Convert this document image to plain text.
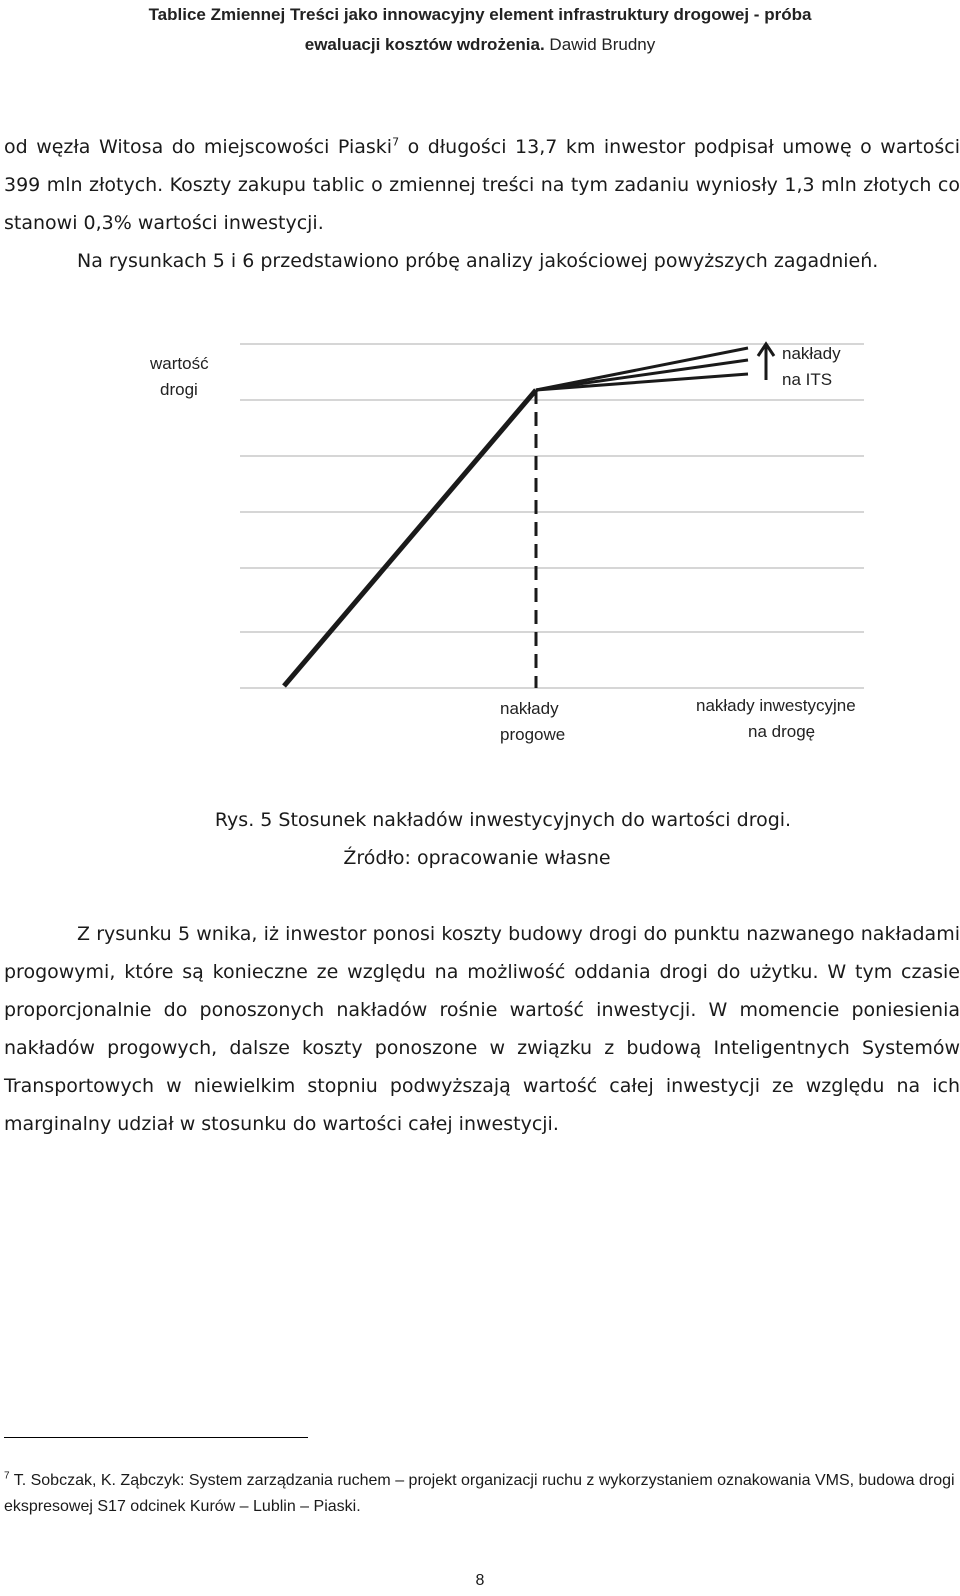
Tablice Zmiennej Treści jako innowacyjny element infrastruktury drogowej - próba
ewaluacji kosztów wdrożenia. Dawid Brudny
od węzła Witosa do miejscowości Piaski$^7$ o długości 13,7 km inwestor podpisał umowę o wartości 399 mln złotych. Koszty zakupu tablic o zmiennej treści na tym zadaniu wyniosły 1,3 mln złotych co stanowi 0,3% wartości inwestycji.
Na rysunkach 5 i 6 przedstawiono próbę analizy jakościowej powyższych zagadnień.
wartość
drogi
nakłady
na ITS
nakłady
progowe
nakłady inwestycyjne
na drogę
Rys. 5 Stosunek nakładów inwestycyjnych do wartości drogi.
Źródło: opracowanie własne
Z rysunku 5 wnika, iż inwestor ponosi koszty budowy drogi do punktu nazwanego nakładami progowymi, które są konieczne ze względu na możliwość oddania drogi do użytku. W tym czasie proporcjonalnie do ponoszonych nakładów rośnie wartość inwestycji. W momencie poniesienia nakładów progowych, dalsze koszty ponoszone w związku z budową Inteligentnych Systemów Transportowych w niewielkim stopniu podwyższają wartość całej inwestycji ze względu na ich marginalny udział w stosunku do wartości całej inwestycji.
$^7$ T. Sobczak, K. Ząbczyk: System zarządzania ruchem – projekt organizacji ruchu z wykorzystaniem oznakowania VMS, budowa drogi ekspresowej S17 odcinek Kurów – Lublin – Piaski.
8
